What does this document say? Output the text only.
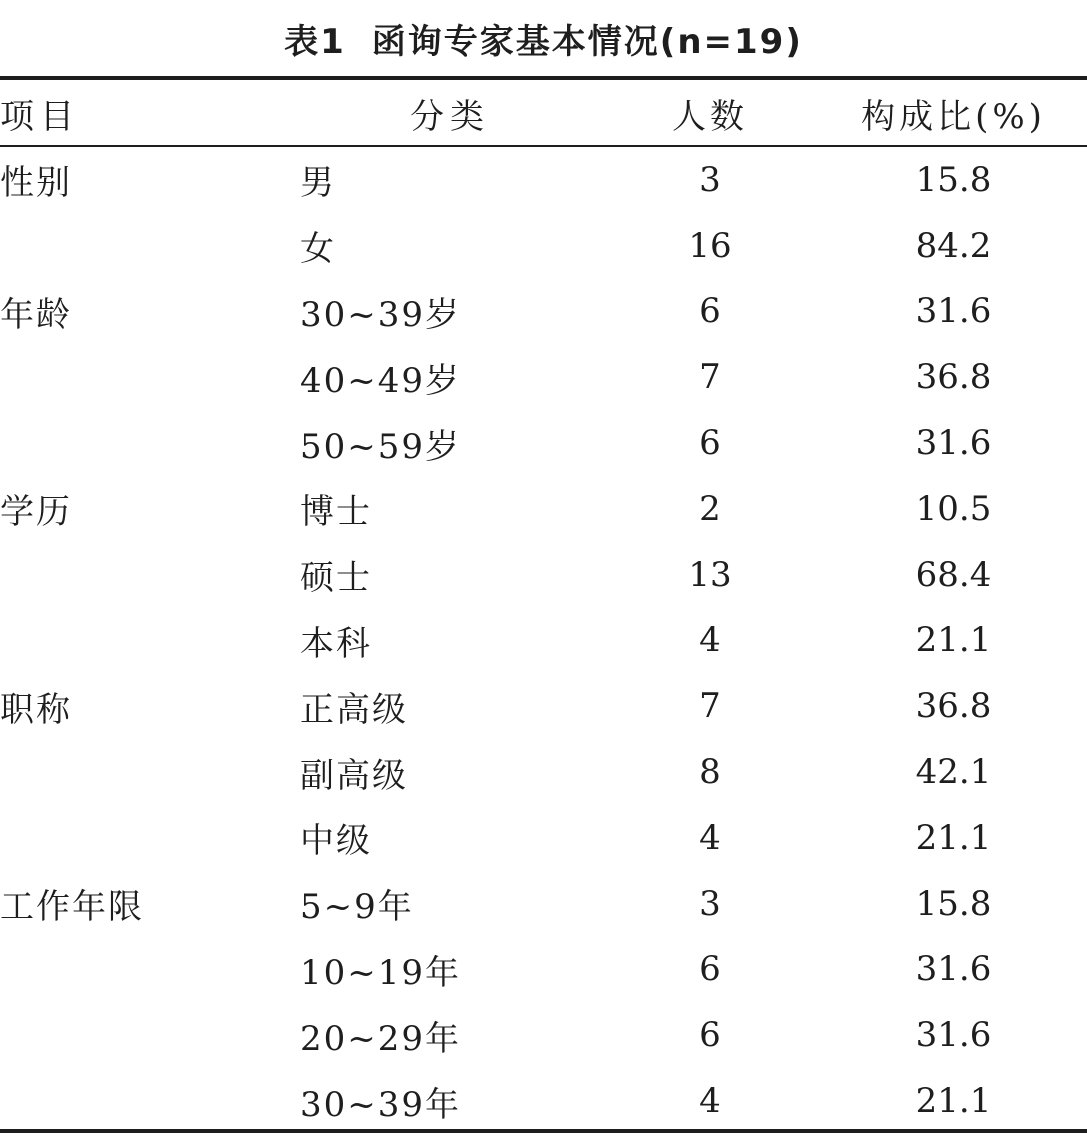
表1 函询专家基本情况(n=19)
项目	分类	人数	构成比(%)
性别	男	3	15.8
	女	16	84.2
年龄	30~39岁	6	31.6
	40~49岁	7	36.8
	50~59岁	6	31.6
学历	博士	2	10.5
	硕士	13	68.4
	本科	4	21.1
职称	正高级	7	36.8
	副高级	8	42.1
	中级	4	21.1
工作年限	5~9年	3	15.8
	10~19年	6	31.6
	20~29年	6	31.6
	30~39年	4	21.1
